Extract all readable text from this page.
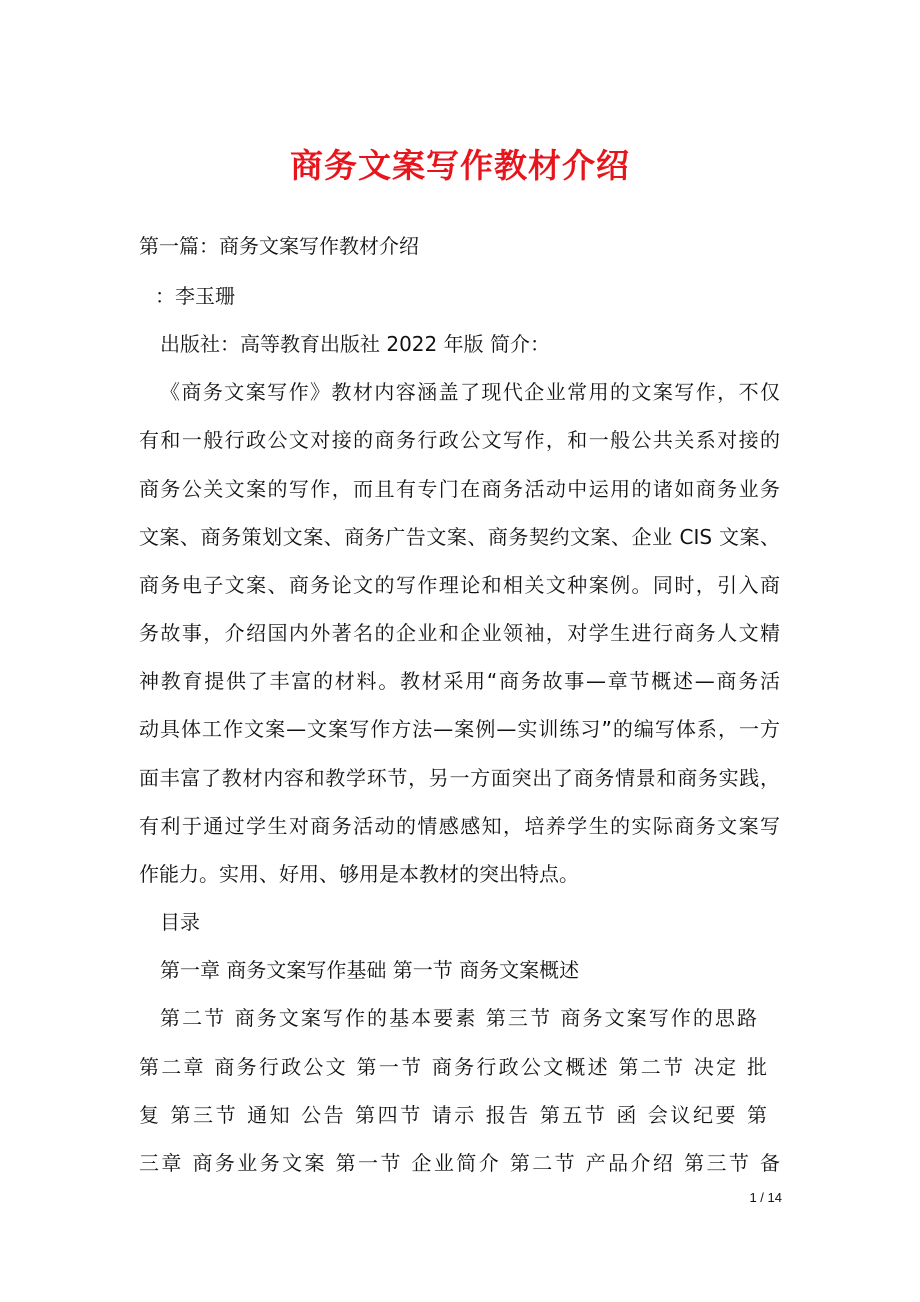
商务文案写作教材介绍
第一篇：商务文案写作教材介绍
：李玉珊
出版社：高等教育出版社 2022 年版 简介：
《商务文案写作》教材内容涵盖了现代企业常用的文案写作，不仅
有和一般行政公文对接的商务行政公文写作，和一般公共关系对接的
商务公关文案的写作，而且有专门在商务活动中运用的诸如商务业务
文案、商务策划文案、商务广告文案、商务契约文案、企业 CIS 文案、
商务电子文案、商务论文的写作理论和相关文种案例。同时，引入商
务故事，介绍国内外著名的企业和企业领袖，对学生进行商务人文精
神教育提供了丰富的材料。教材采用“商务故事—章节概述—商务活
动具体工作文案—文案写作方法—案例—实训练习”的编写体系，一方
面丰富了教材内容和教学环节，另一方面突出了商务情景和商务实践，
有利于通过学生对商务活动的情感感知，培养学生的实际商务文案写
作能力。实用、好用、够用是本教材的突出特点。
目录
第一章 商务文案写作基础 第一节 商务文案概述
第二节 商务文案写作的基本要素 第三节 商务文案写作的思路
第二章 商务行政公文 第一节 商务行政公文概述 第二节 决定 批
复 第三节 通知 公告 第四节 请示 报告 第五节 函 会议纪要 第
三章 商务业务文案 第一节 企业简介 第二节 产品介绍 第三节 备
1 / 14
